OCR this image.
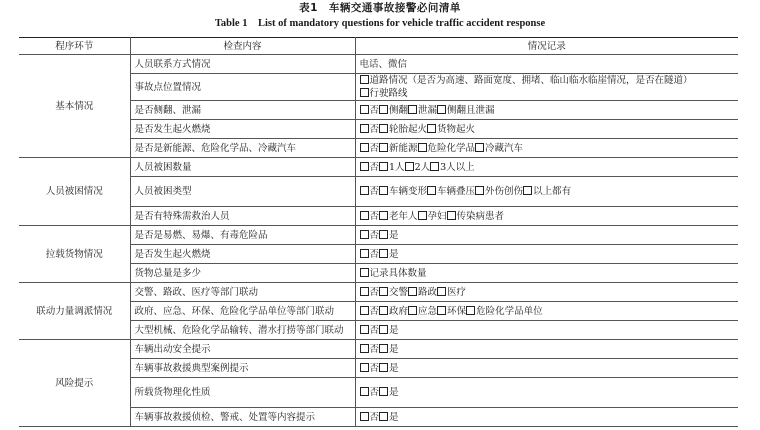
表1　车辆交通事故接警必问清单
Table 1　List of mandatory questions for vehicle traffic accident response
程序环节	检查内容	情况记录
基本情况	人员联系方式情况	电话、微信
	事故点位置情况	道路情况（是否为高速、路面宽度、拥堵、临山临水临崖情况，是否在隧道）行驶路线
	是否侧翻、泄漏	否 侧翻 泄漏 侧翻且泄漏
	是否发生起火燃烧	否 轮胎起火 货物起火
	是否是新能源、危险化学品、冷藏汽车	否 新能源 危险化学品 冷藏汽车
人员被困情况	人员被困数量	否 1人 2人 3人以上
	人员被困类型	否 车辆变形 车辆叠压 外伤创伤 以上都有
	是否有特殊需救治人员	否 老年人 孕妇 传染病患者
拉载货物情况	是否是易燃、易爆、有毒危险品	否 是
	是否发生起火燃烧	否 是
	货物总量是多少	记录具体数量
联动力量调派情况	交警、路政、医疗等部门联动	否 交警 路政 医疗
	政府、应急、环保、危险化学品单位等部门联动	否 政府 应急 环保 危险化学品单位
	大型机械、危险化学品输转、潜水打捞等部门联动	否 是
风险提示	车辆出动安全提示	否 是
	车辆事故救援典型案例提示	否 是
	所载货物理化性质	否 是
	车辆事故救援侦检、警戒、处置等内容提示	否 是
